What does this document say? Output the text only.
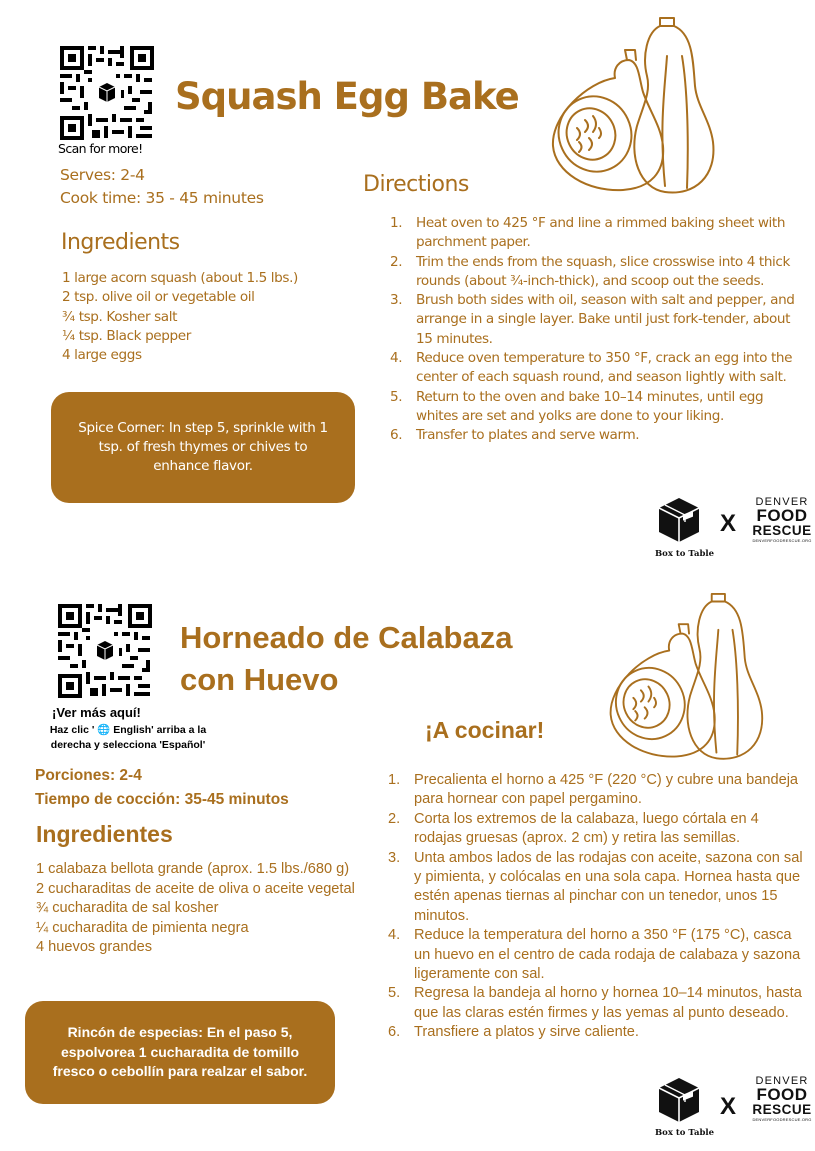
Scan for more!
Squash Egg Bake
Serves: 2-4
Cook time: 35 - 45 minutes
Ingredients
1 large acorn squash (about 1.5 lbs.)
2 tsp. olive oil or vegetable oil
¾ tsp. Kosher salt
¼ tsp. Black pepper
4 large eggs
Spice Corner: In step 5, sprinkle with 1 tsp. of fresh thymes or chives to enhance flavor.
Directions
1. Heat oven to 425 °F and line a rimmed baking sheet with parchment paper.
2. Trim the ends from the squash, slice crosswise into 4 thick rounds (about ¾-inch-thick), and scoop out the seeds.
3. Brush both sides with oil, season with salt and pepper, and arrange in a single layer. Bake until just fork-tender, about 15 minutes.
4. Reduce oven temperature to 350 °F, crack an egg into the center of each squash round, and season lightly with salt.
5. Return to the oven and bake 10–14 minutes, until egg whites are set and yolks are done to your liking.
6. Transfer to plates and serve warm.
Box to Table
X
DENVER
FOOD
RESCUE
DENVERFOODRESCUE.ORG
¡Ver más aquí!
Haz clic ' 🌐 English' arriba a la derecha y selecciona 'Español'
Horneado de Calabaza
con Huevo
Porciones: 2-4
Tiempo de cocción: 35-45 minutos
Ingredientes
1 calabaza bellota grande (aprox. 1.5 lbs./680 g)
2 cucharaditas de aceite de oliva o aceite vegetal
¾ cucharadita de sal kosher
¼ cucharadita de pimienta negra
4 huevos grandes
Rincón de especias: En el paso 5, espolvorea 1 cucharadita de tomillo fresco o cebollín para realzar el sabor.
¡A cocinar!
1. Precalienta el horno a 425 °F (220 °C) y cubre una bandeja para hornear con papel pergamino.
2. Corta los extremos de la calabaza, luego córtala en 4 rodajas gruesas (aprox. 2 cm) y retira las semillas.
3. Unta ambos lados de las rodajas con aceite, sazona con sal y pimienta, y colócalas en una sola capa. Hornea hasta que estén apenas tiernas al pinchar con un tenedor, unos 15 minutos.
4. Reduce la temperatura del horno a 350 °F (175 °C), casca un huevo en el centro de cada rodaja de calabaza y sazona ligeramente con sal.
5. Regresa la bandeja al horno y hornea 10–14 minutos, hasta que las claras estén firmes y las yemas al punto deseado.
6. Transfiere a platos y sirve caliente.
Box to Table
X
DENVER
FOOD
RESCUE
DENVERFOODRESCUE.ORG
